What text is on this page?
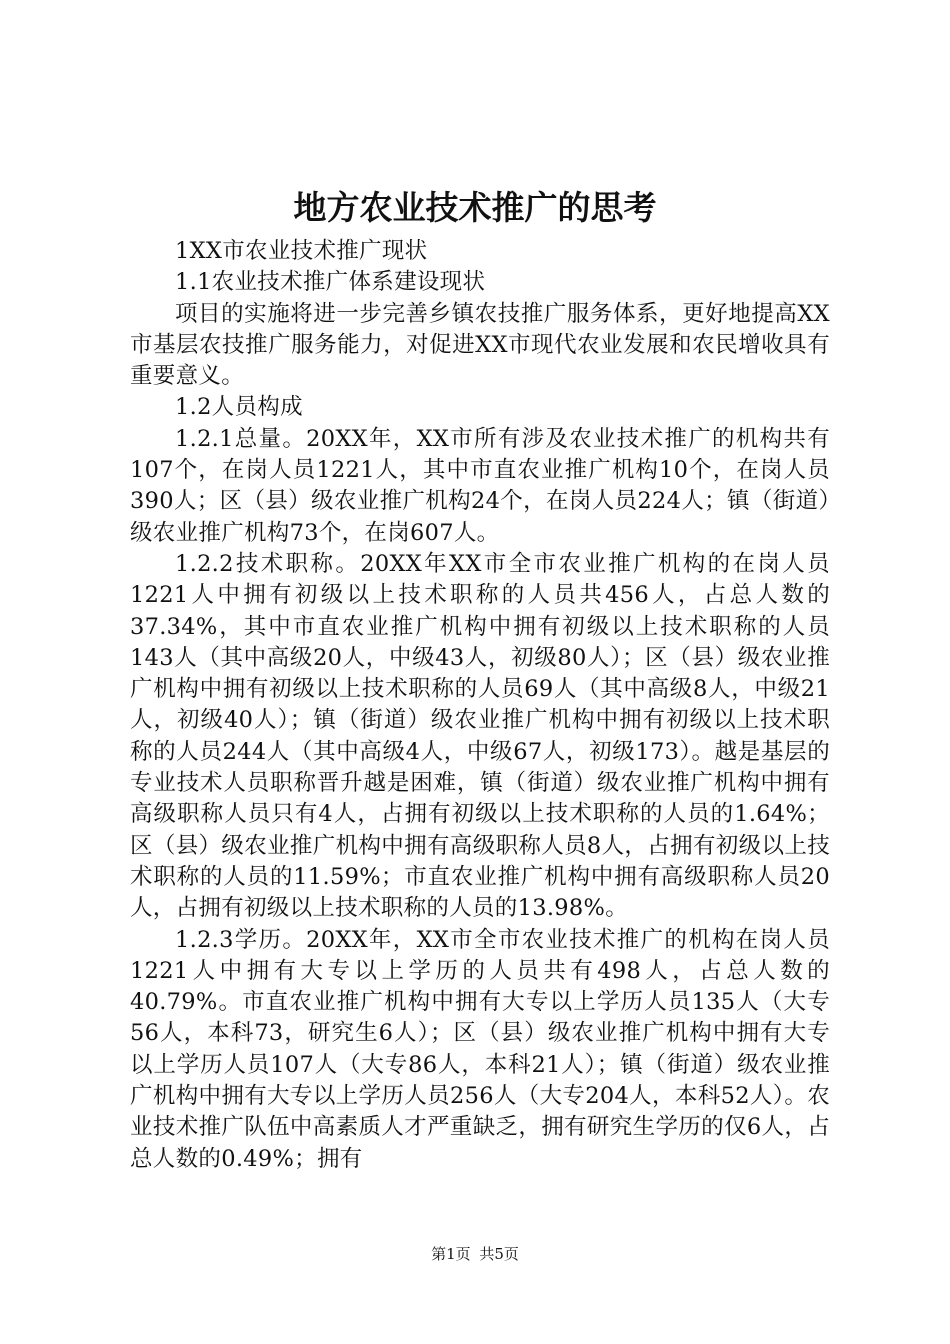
地方农业技术推广的思考

1XX市农业技术推广现状

1.1农业技术推广体系建设现状

项目的实施将进一步完善乡镇农技推广服务体系，更好地提高XX市基层农技推广服务能力，对促进XX市现代农业发展和农民增收具有重要意义。

1.2人员构成

1.2.1总量。20XX年，XX市所有涉及农业技术推广的机构共有107个，在岗人员1221人，其中市直农业推广机构10个，在岗人员390人；区（县）级农业推广机构24个，在岗人员224人；镇（街道）级农业推广机构73个，在岗607人。

1.2.2技术职称。20XX年XX市全市农业推广机构的在岗人员1221人中拥有初级以上技术职称的人员共456人，占总人数的37.34%，其中市直农业推广机构中拥有初级以上技术职称的人员143人（其中高级20人，中级43人，初级80人）；区（县）级农业推广机构中拥有初级以上技术职称的人员69人（其中高级8人，中级21人，初级40人）；镇（街道）级农业推广机构中拥有初级以上技术职称的人员244人（其中高级4人，中级67人，初级173）。越是基层的专业技术人员职称晋升越是困难，镇（街道）级农业推广机构中拥有高级职称人员只有4人，占拥有初级以上技术职称的人员的1.64%；区（县）级农业推广机构中拥有高级职称人员8人，占拥有初级以上技术职称的人员的11.59%；市直农业推广机构中拥有高级职称人员20人，占拥有初级以上技术职称的人员的13.98%。

1.2.3学历。20XX年，XX市全市农业技术推广的机构在岗人员1221人中拥有大专以上学历的人员共有498人，占总人数的40.79%。市直农业推广机构中拥有大专以上学历人员135人（大专56人，本科73，研究生6人）；区（县）级农业推广机构中拥有大专以上学历人员107人（大专86人，本科21人）；镇（街道）级农业推广机构中拥有大专以上学历人员256人（大专204人，本科52人）。农业技术推广队伍中高素质人才严重缺乏，拥有研究生学历的仅6人，占总人数的0.49%；拥有

第1页 共5页
